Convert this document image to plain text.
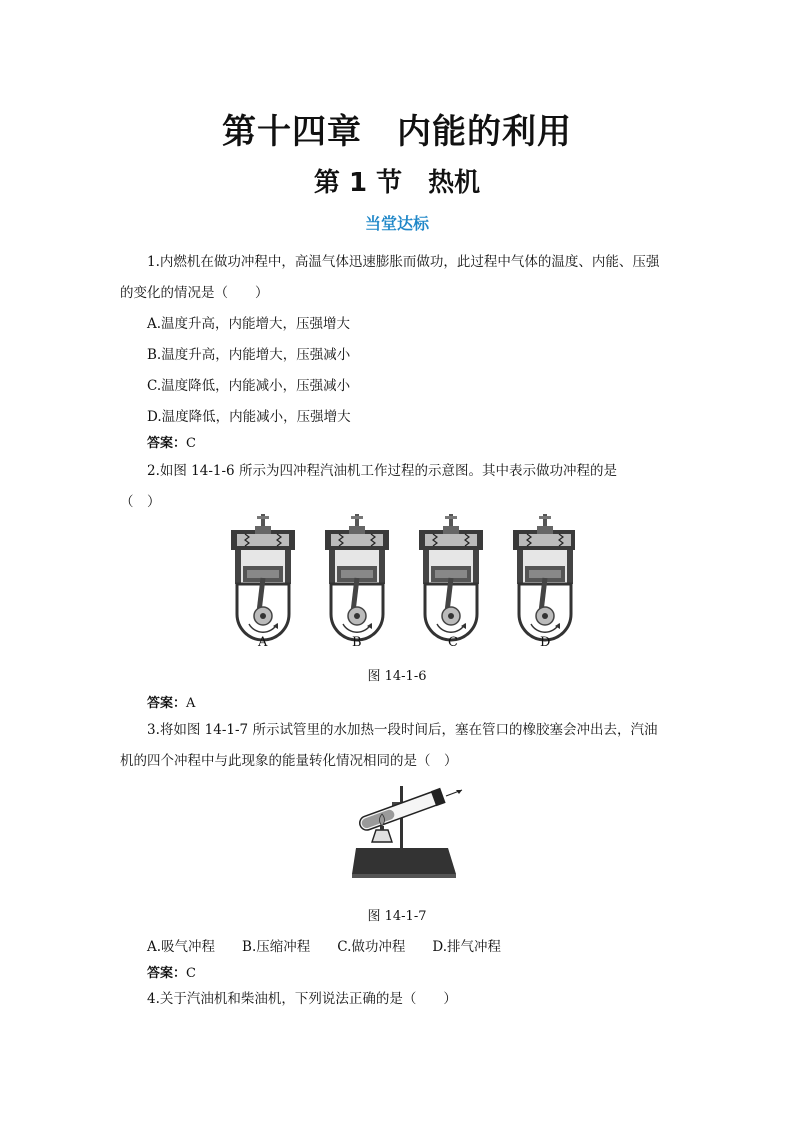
第十四章　内能的利用
第 1 节　热机
当堂达标
1.内燃机在做功冲程中，高温气体迅速膨胀而做功，此过程中气体的温度、内能、压强
的变化的情况是（　　）
A.温度升高，内能增大，压强增大
B.温度升高，内能增大，压强减小
C.温度降低，内能减小，压强减小
D.温度降低，内能减小，压强增大
答案：C
2.如图 14-1-6 所示为四冲程汽油机工作过程的示意图。其中表示做功冲程的是
（　）
A	B	C	D
图 14-1-6
答案：A
3.将如图 14-1-7 所示试管里的水加热一段时间后，塞在管口的橡胶塞会冲出去，汽油
机的四个冲程中与此现象的能量转化情况相同的是（　）
图 14-1-7
A.吸气冲程　　B.压缩冲程　　C.做功冲程　　D.排气冲程
答案：C
4.关于汽油机和柴油机，下列说法正确的是（　　）
